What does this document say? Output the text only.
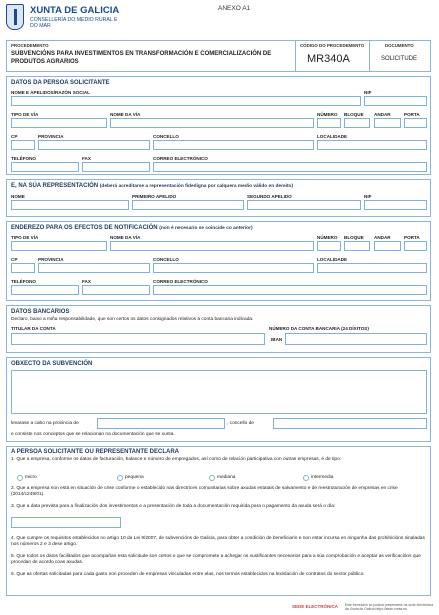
XUNTA DE GALICIA
CONSELLERÍA DO MEDIO RURAL E DO MAR
ANEXO A1
PROCEDEMENTO
SUBVENCIÓNS PARA INVESTIMENTOS EN TRANSFORMACIÓN E COMERCIALIZACIÓN DE PRODUTOS AGRARIOS
CÓDIGO DO PROCEDEMENTO
MR340A
DOCUMENTO
SOLICITUDE
DATOS DA PERSOA SOLICITANTE
NOME E APELIDOS/RAZÓN SOCIAL	NIF
TIPO DE VÍA	NOME DA VÍA	NÚMERO BLOQUE ANDAR	PORTA
CP	PROVINCIA	CONCELLO	LOCALIDADE
TELÉFONO	FAX	CORREO ELECTRÓNICO
E, NA SÚA REPRESENTACIÓN (deberá acreditarse a representación fidedigna por calquera medio válido en dereito)
NOME	PRIMEIRO APELIDO	SEGUNDO APELIDO	NIF
ENDEREZO PARA OS EFECTOS DE NOTIFICACIÓN (non é necesario se coincide co anterior)
TIPO DE VÍA	NOME DA VÍA	NÚMERO BLOQUE ANDAR	PORTA
CP	PROVINCIA	CONCELLO	LOCALIDADE
TELÉFONO	FAX	CORREO ELECTRÓNICO
DATOS BANCARIOS
Declaro, baixo a miña responsabilidade, que son certos os datos consignados relativos á conta bancaria indicada.
TITULAR DA CONTA	NÚMERO DA CONTA BANCARIA (24 DÍXITOS)
IBAN
OBXECTO DA SUBVENCIÓN
levarase a cabo na provincia de	, concello de
e consiste nos conceptos que se relacionan na documentación que se xunta.
A PERSOA SOLICITANTE OU REPRESENTANTE DECLARA
1. Que a empresa, conforme os datos de facturación, balance e número de empregados, así como de relación participativa con outras empresas, é de tipo:
micro	pequena	mediana	intermedia
2. Que a empresa non está en situación de crise conforme o establecido nas directrices comunitarias sobre axudas estatais de salvamento e de reestruturación de empresas en crise (2014/c249/01).
3. Que a data prevista para a finalización dos investimentos e a presentación de toda a documentación requirida para o pagamento da axuda será o día:
4. Que cumpre os requisitos establecidos no artigo 10 da Lei 9/2007, de subvencións de Galicia, para obter a condición de beneficiario e non estar incursa en ningunha das prohibicións sinaladas nos números 2 e 3 dese artigo.
5. Que todos os datos facilitados que acompañan esta solicitude son certos e que se compromete a achegar os xustificantes necesarios para a súa comprobación e aceptar as verificacións que procedan de acordo coas axudas.
6. Que as ofertas solicitadas para cada gasto non proceden de empresas vinculadas entre elas, nos termos establecidos na lexislación de contratos do sector público.
SEDE ELECTRÓNICA Este formulario só poderá presentarse na sede electrónica da Xunta de Galicia https://sede.xunta.es
